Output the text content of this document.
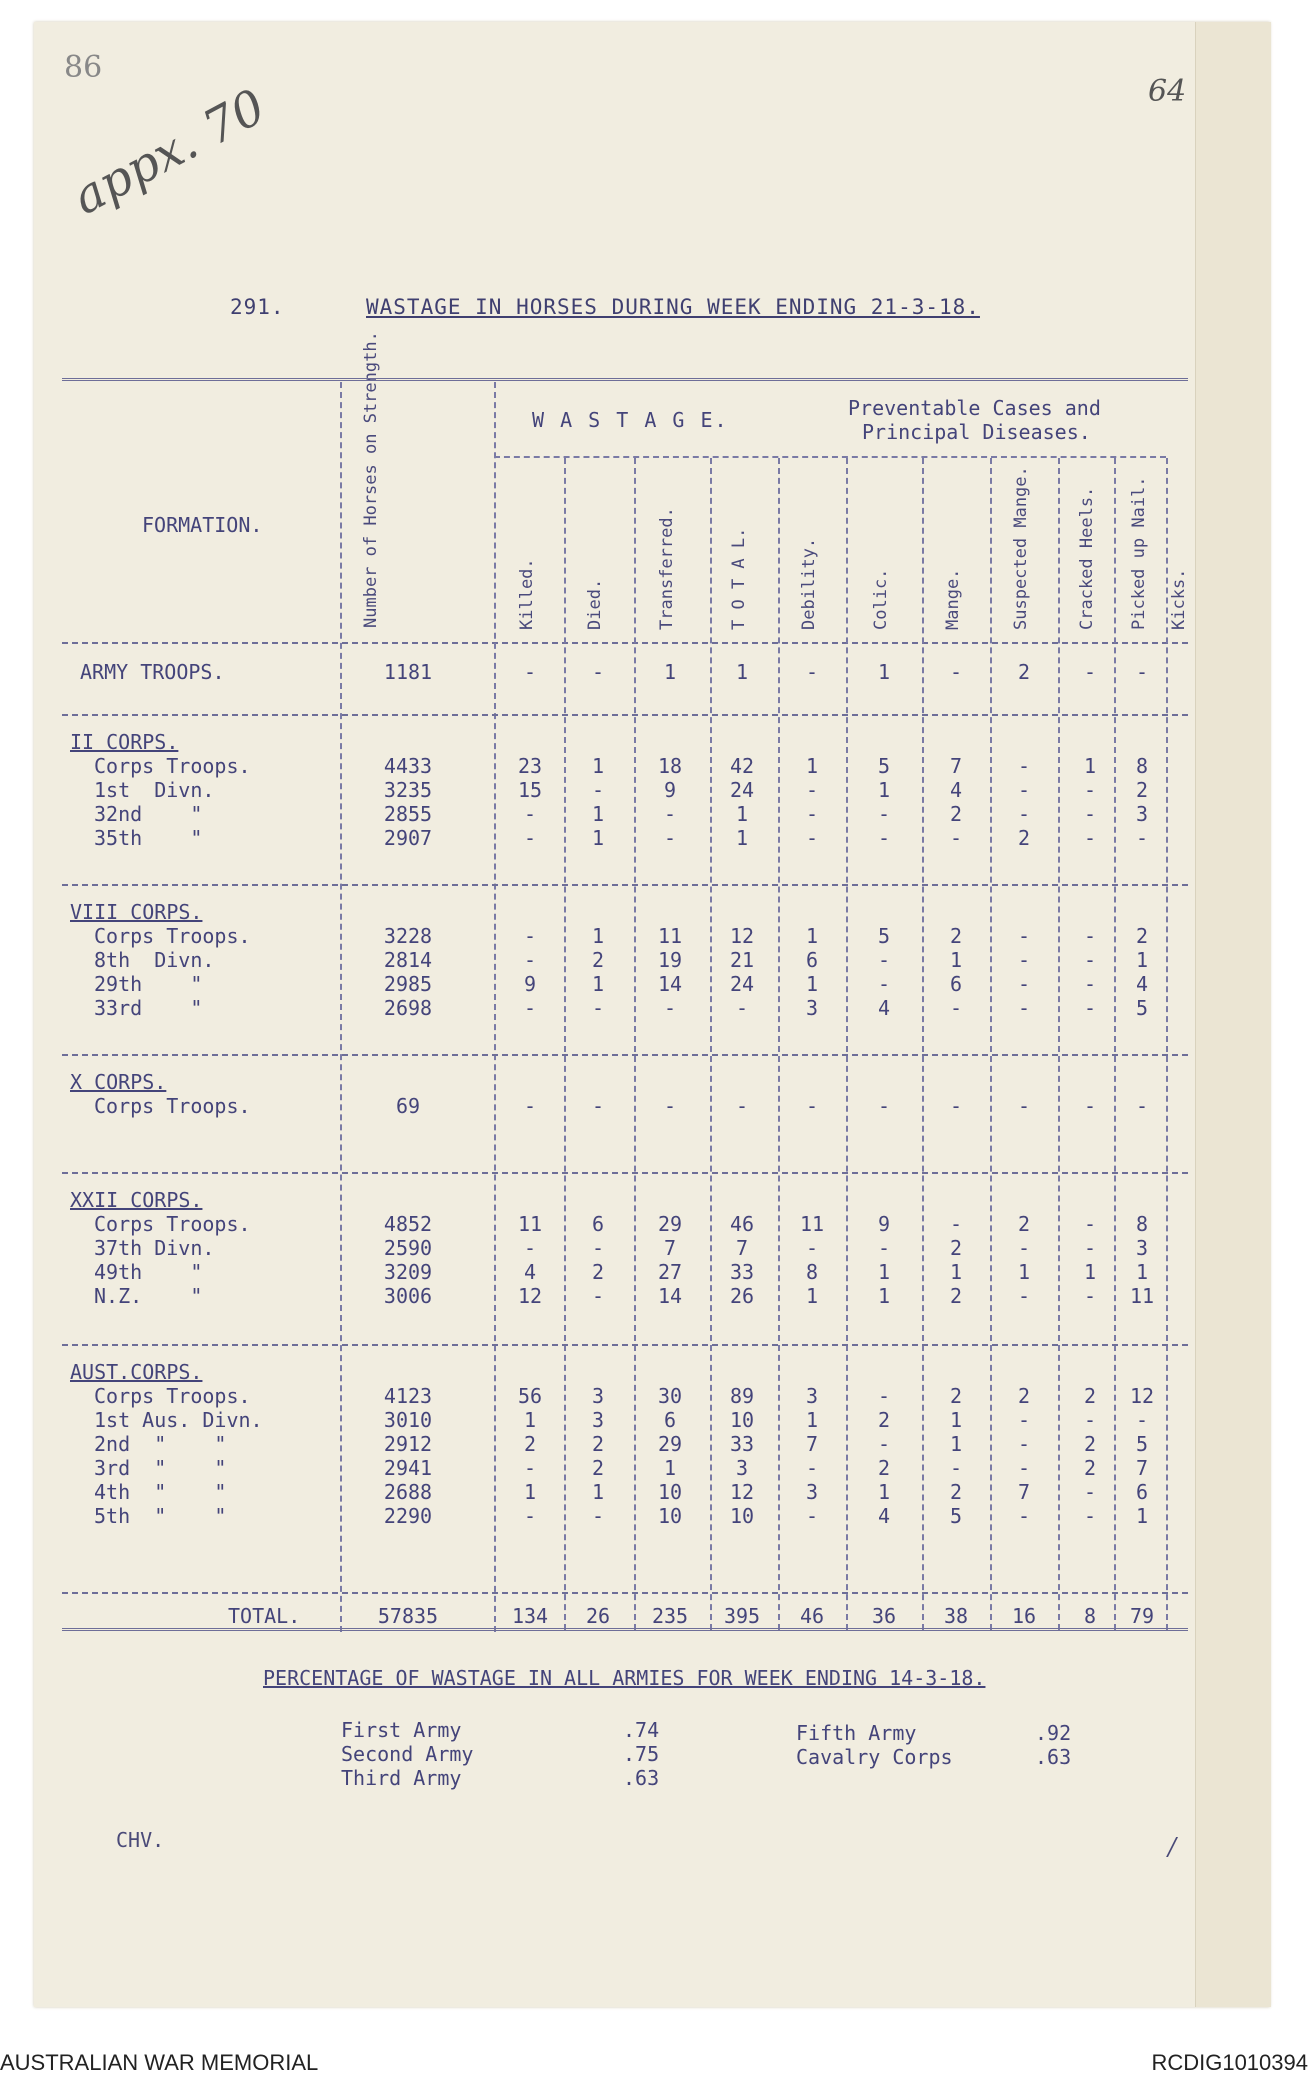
86
64
appx. 70
291.	WASTAGE IN HORSES DURING WEEK ENDING 21-3-18.
FORMATION.	Number of Horses on Strength.	W A S T A G E.	Preventable Cases and
Principal Diseases.
Killed.	Died.	Transferred.	T O T A L.	Debility.	Colic.	Mange.	Suspected Mange.	Cracked Heels. Picked up Nail. Kicks.
ARMY TROOPS.	1181	-	-	1	1	-	1	-	2	-	-
II CORPS.
Corps Troops.	4433	23	1	18	42	1	5	7	-	1	8
1st  Divn.	3235	15	-	9	24	-	1	4	-	-	2
32nd    "	2855	-	1	-	1	-	-	2	-	-	3
35th    "	2907	-	1	-	1	-	-	-	2	-	-
VIII CORPS.
Corps Troops.	3228	-	1	11	12	1	5	2	-	-	2
8th  Divn.	2814	-	2	19	21	6	-	1	-	-	1
29th    "	2985	9	1	14	24	1	-	6	-	-	4
33rd    "	2698	-	-	-	-	3	4	-	-	-	5
X CORPS.
Corps Troops.	69	-	-	-	-	-	-	-	-	-	-
XXII CORPS.
Corps Troops.	4852	11	6	29	46	11	9	-	2	-	8
37th Divn.	2590	-	-	7	7	-	-	2	-	-	3
49th    "	3209	4	2	27	33	8	1	1	1	1	1
N.Z.    "	3006	12	-	14	26	1	1	2	-	-	11
AUST.CORPS.
Corps Troops.	4123	56	3	30	89	3	-	2	2	2	12
1st Aus. Divn.	3010	1	3	6	10	1	2	1	-	-	-
2nd  "    "	2912	2	2	29	33	7	-	1	-	2	5
3rd  "    "	2941	-	2	1	3	-	2	-	-	2	7
4th  "    "	2688	1	1	10	12	3	1	2	7	-	6
5th  "    "	2290	-	-	10	10	-	4	5	-	-	1
TOTAL.	57835	134	26	235 395	46	36	38	16	8	79
PERCENTAGE OF WASTAGE IN ALL ARMIES FOR WEEK ENDING 14-3-18.
First Army	.74
Second Army	.75
Third Army	.63
Fifth Army	.92
Cavalry Corps	.63
CHV.	/
AUSTRALIAN WAR MEMORIAL	RCDIG1010394
